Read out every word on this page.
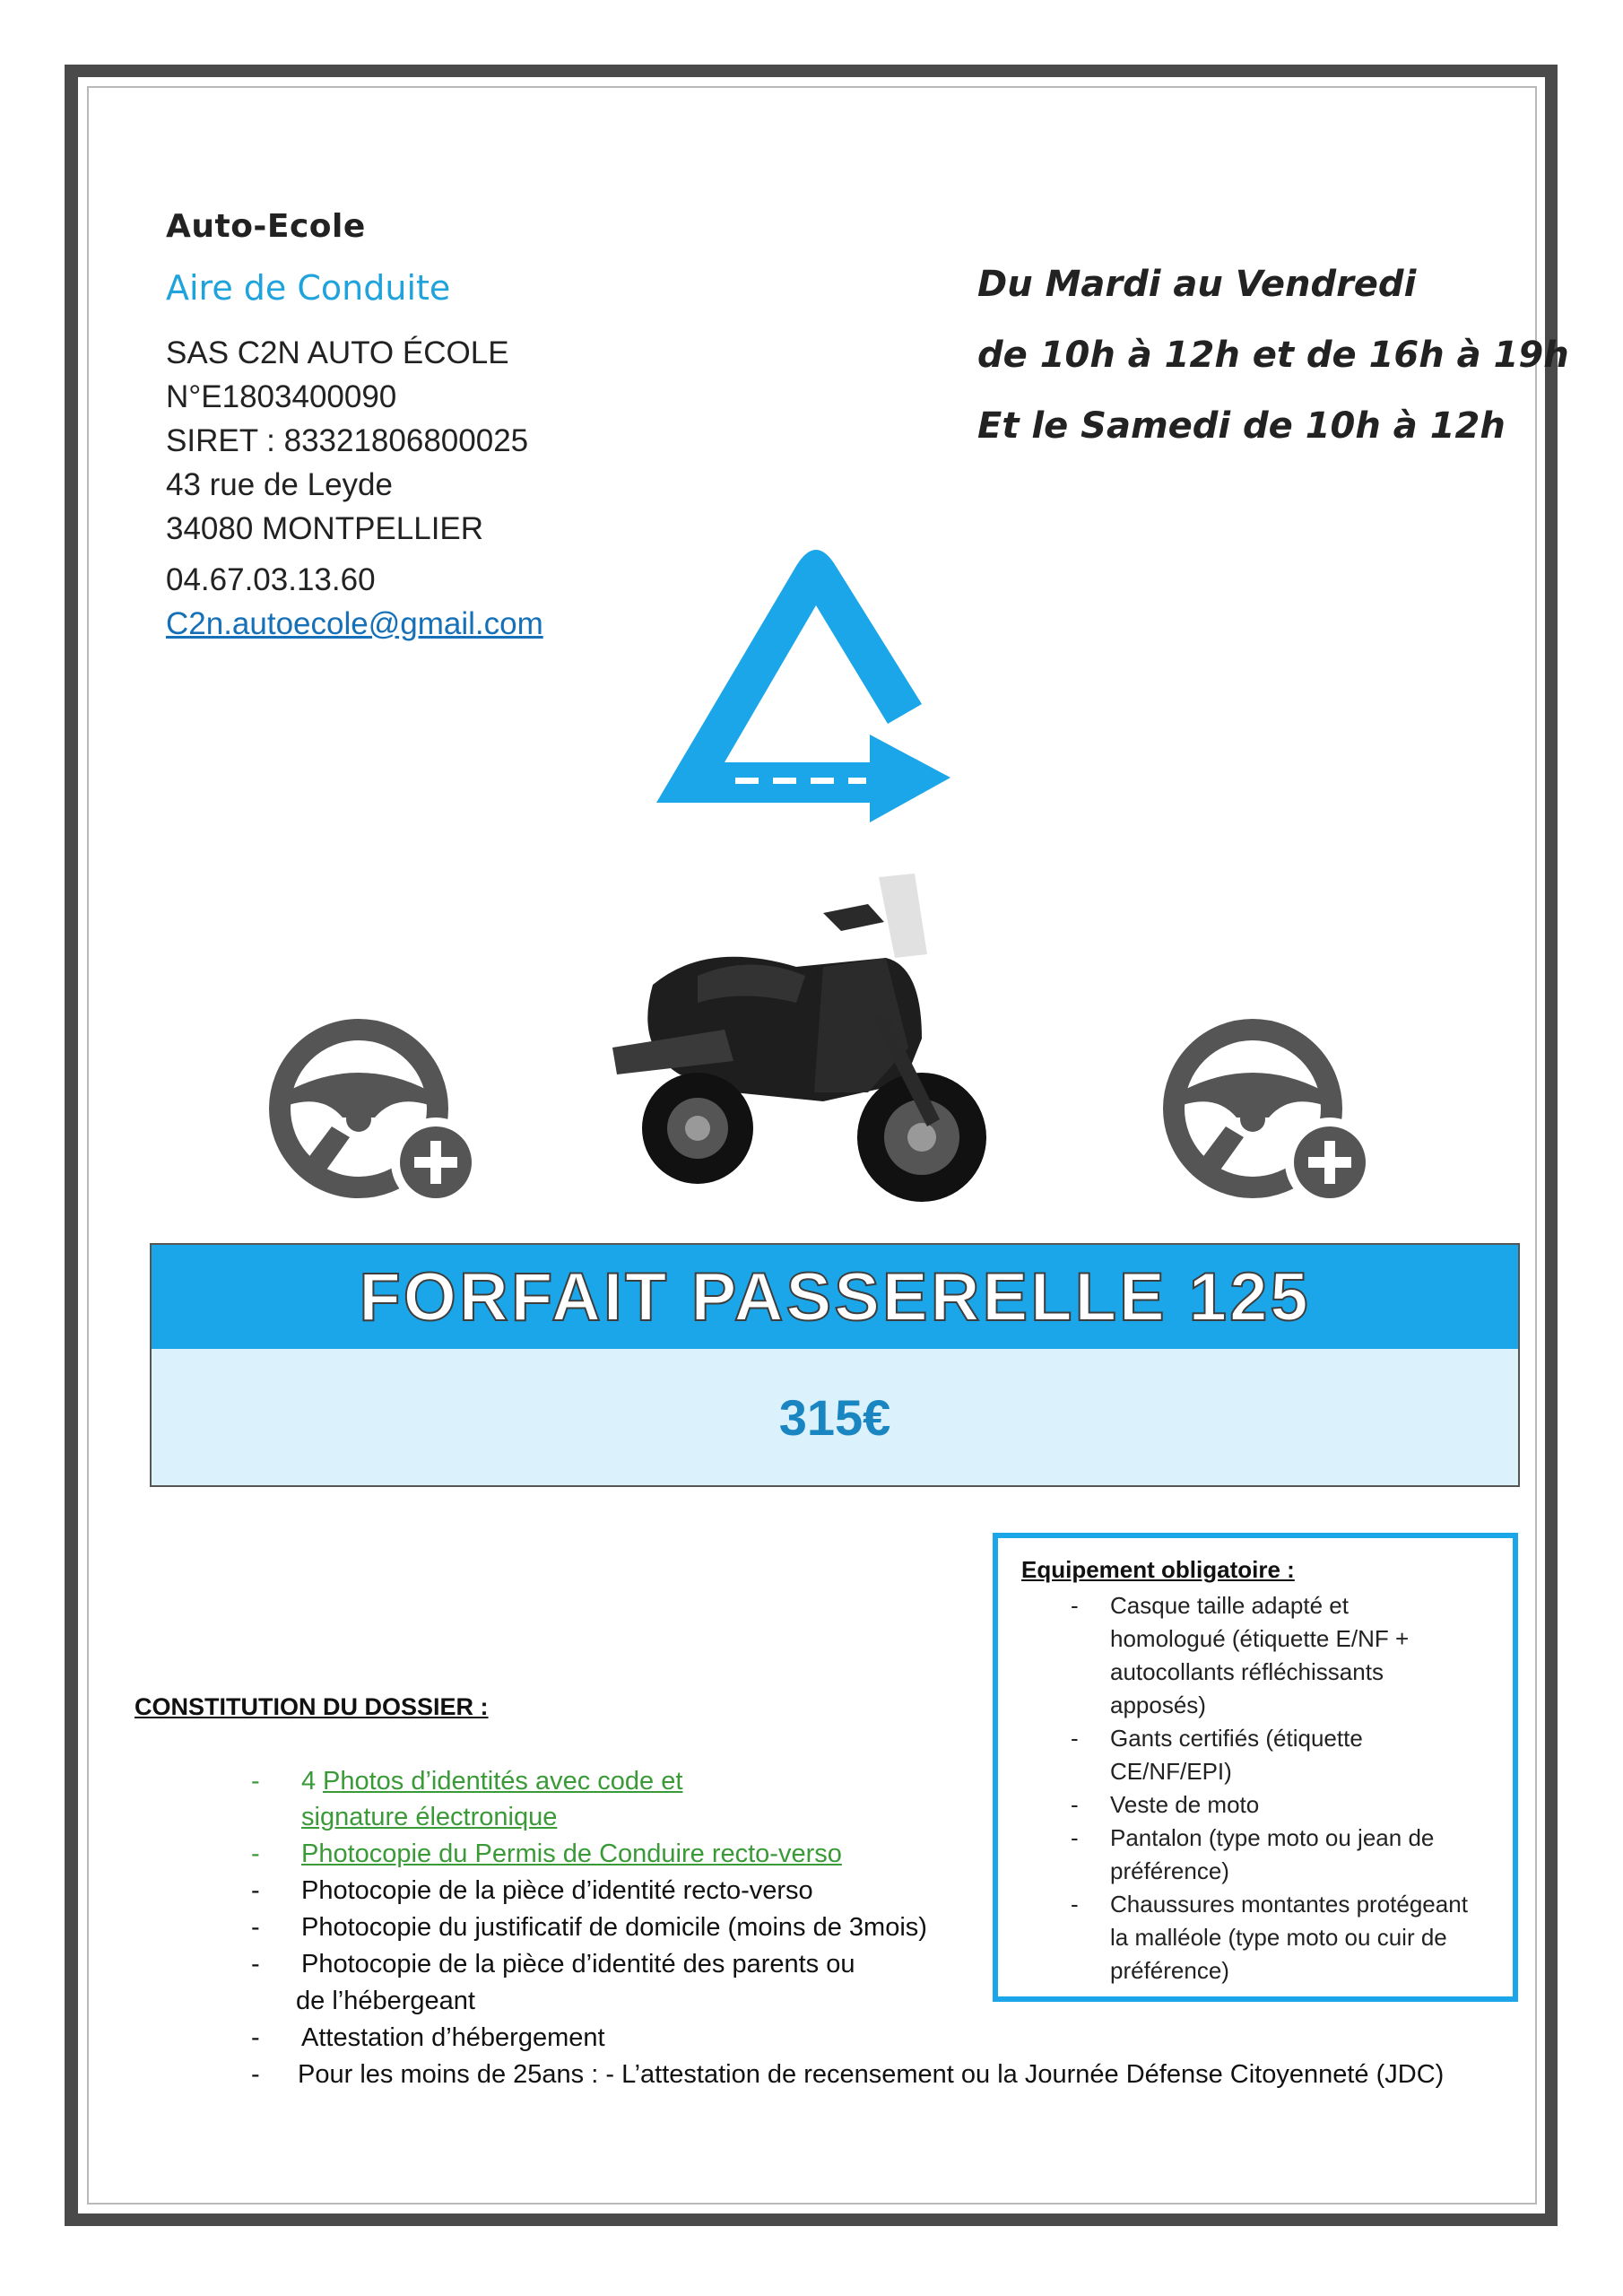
Auto-Ecole
Aire de Conduite
SAS C2N AUTO ÉCOLE
N°E1803400090
SIRET : 83321806800025
43 rue de Leyde
34080 MONTPELLIER
04.67.03.13.60
C2n.autoecole@gmail.com
Du Mardi au Vendredi
de 10h à 12h et de 16h à 19h
Et le Samedi de 10h à 12h
FORFAIT PASSERELLE 125
315€
Equipement obligatoire :
- Casque taille adapté et
homologué (étiquette E/NF +
autocollants réfléchissants
apposés)
- Gants certifiés (étiquette
CE/NF/EPI)
- Veste de moto
- Pantalon (type moto ou jean de
préférence)
- Chaussures montantes protégeant
la malléole (type moto ou cuir de
préférence)
CONSTITUTION DU DOSSIER :
- 4 Photos d’identités avec code et
signature électronique
- Photocopie du Permis de Conduire recto-verso
- Photocopie de la pièce d’identité recto-verso
- Photocopie du justificatif de domicile (moins de 3mois)
- Photocopie de la pièce d’identité des parents ou
de l’hébergeant
- Attestation d’hébergement
- Pour les moins de 25ans : - L’attestation de recensement ou la Journée Défense Citoyenneté (JDC)
